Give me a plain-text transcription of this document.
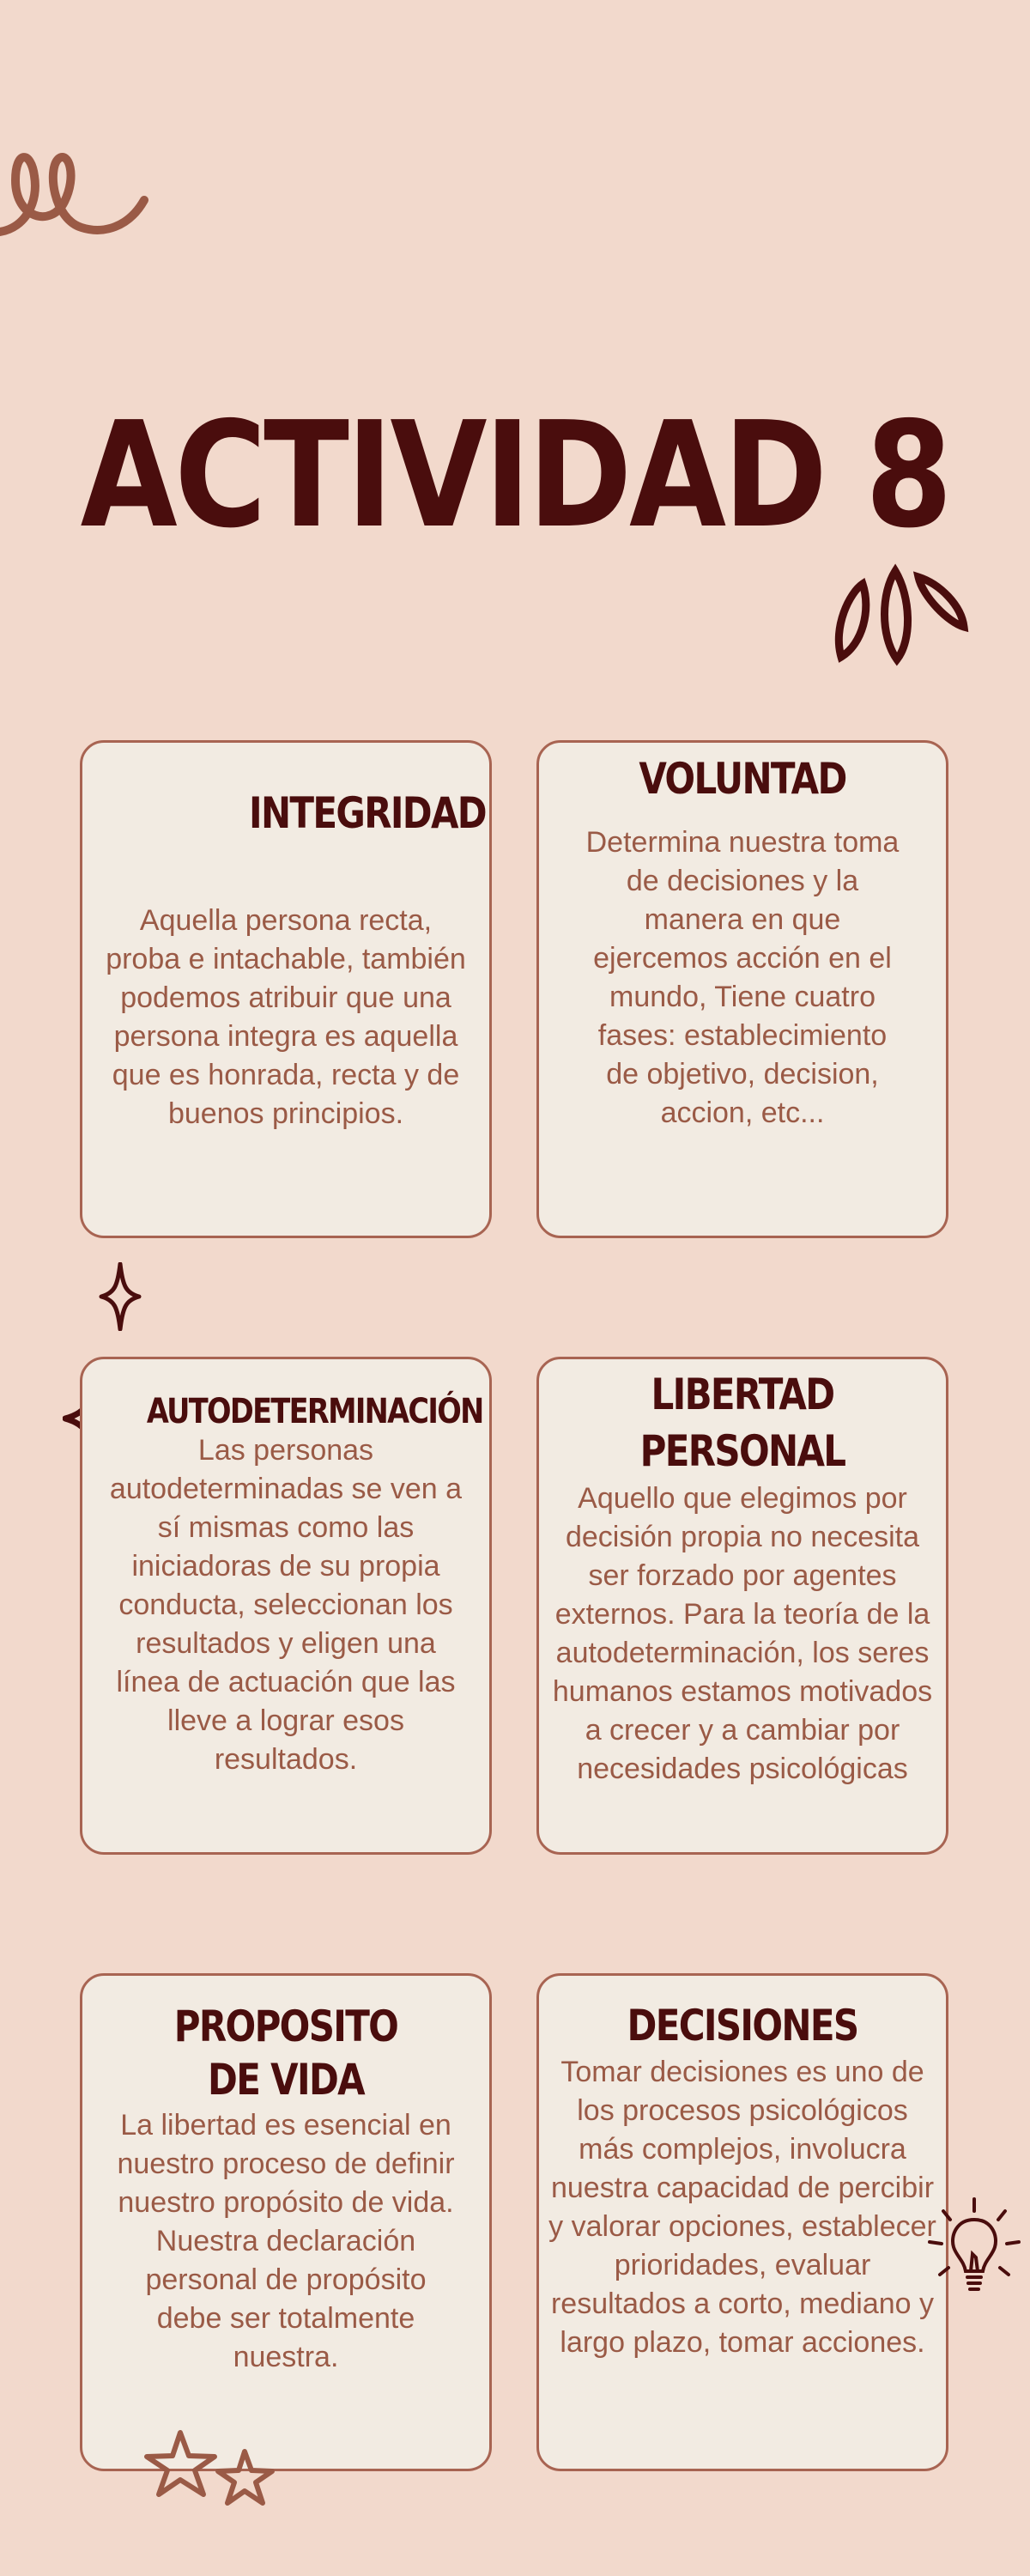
ACTIVIDAD 8
INTEGRIDAD

Aquella persona recta, proba e intachable, también podemos atribuir que una persona integra es aquella que es honrada, recta y de buenos principios.

VOLUNTAD

Determina nuestra toma de decisiones y la manera en que ejercemos acción en el mundo, Tiene cuatro fases: establecimiento de objetivo, decision, accion, etc...

AUTODETERMINACIÓN

Las personas autodeterminadas se ven a sí mismas como las iniciadoras de su propia conducta, seleccionan los resultados y eligen una línea de actuación que las lleve a lograr esos resultados.

LIBERTAD PERSONAL

Aquello que elegimos por decisión propia no necesita ser forzado por agentes externos. Para la teoría de la autodeterminación, los seres humanos estamos motivados a crecer y a cambiar por necesidades psicológicas

PROPOSITO DE VIDA

La libertad es esencial en nuestro proceso de definir nuestro propósito de vida. Nuestra declaración personal de propósito debe ser totalmente nuestra.

DECISIONES

Tomar decisiones es uno de los procesos psicológicos más complejos, involucra nuestra capacidad de percibir y valorar opciones, establecer prioridades, evaluar resultados a corto, mediano y largo plazo, tomar acciones.
